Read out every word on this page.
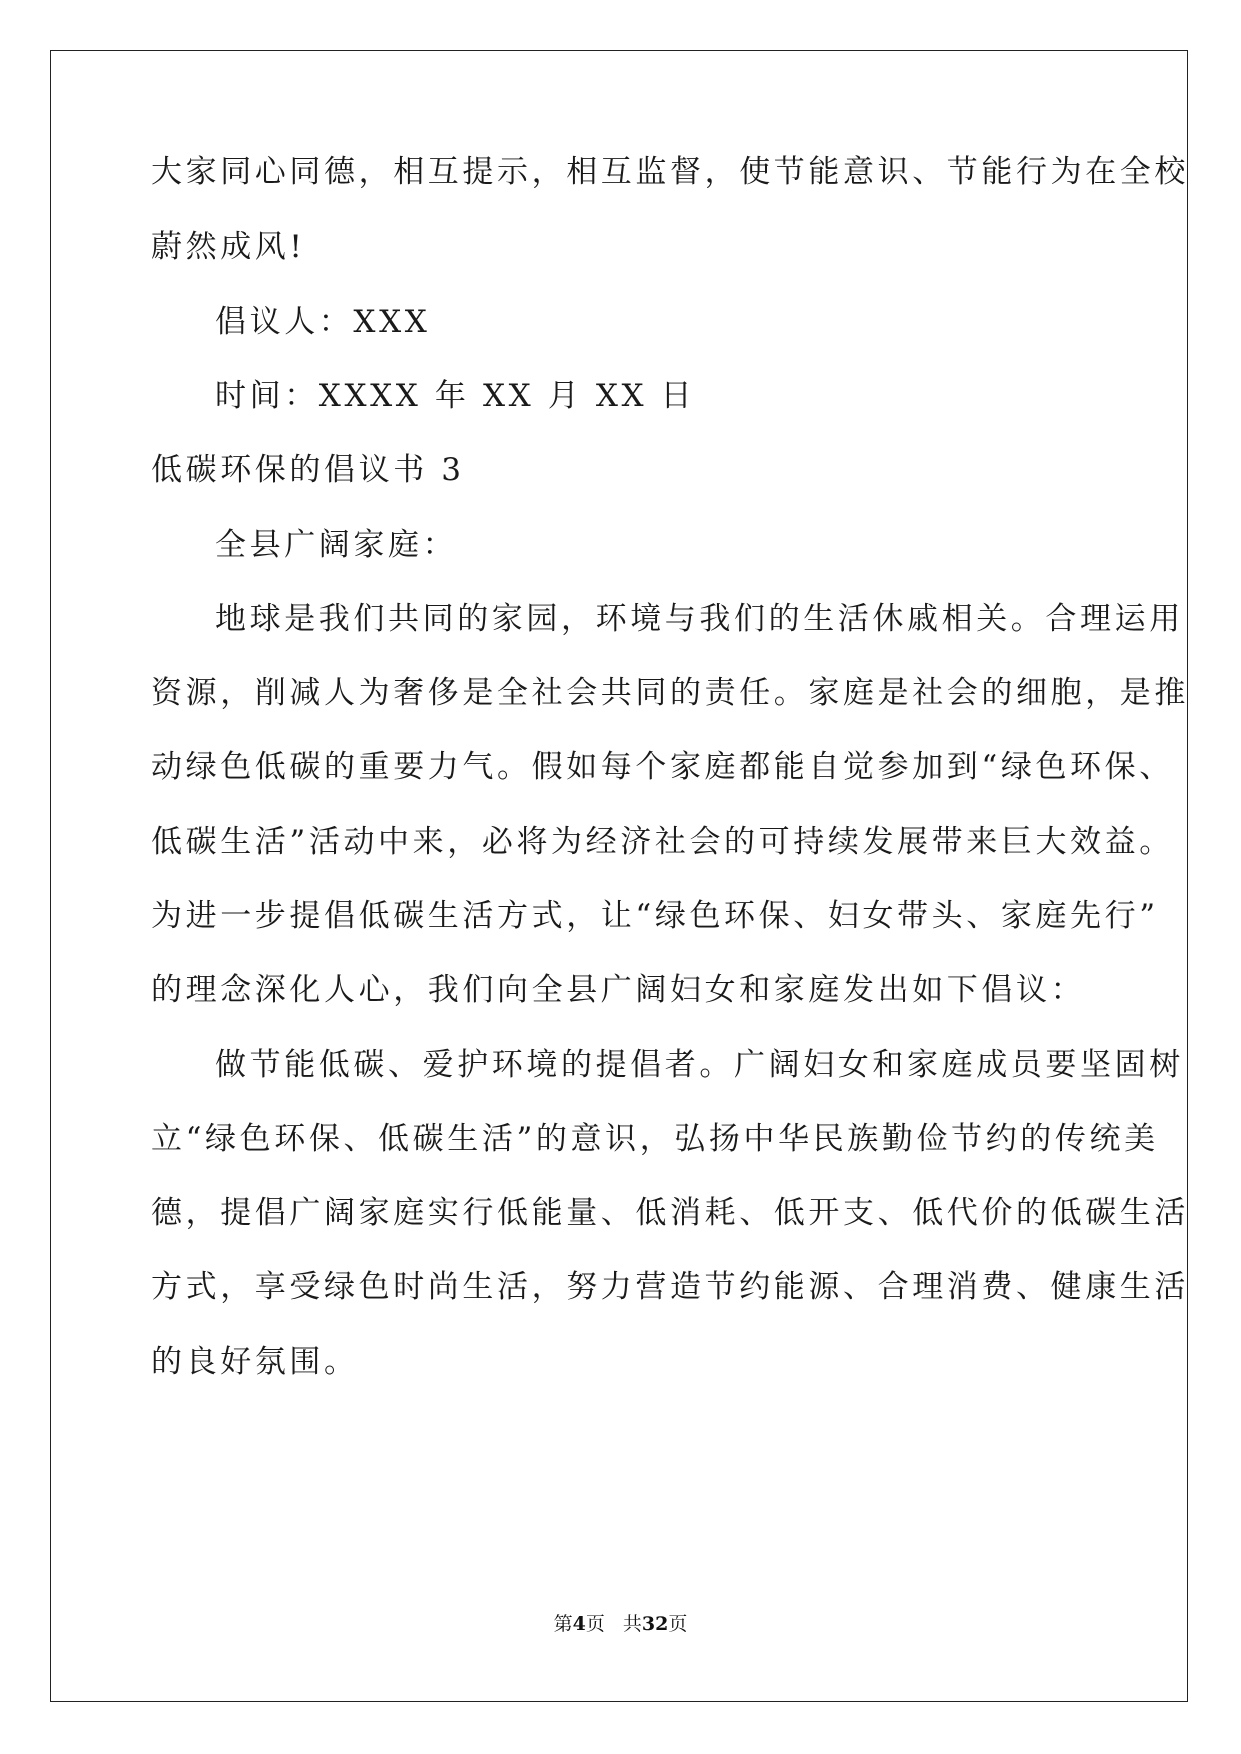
大家同心同德，相互提示，相互监督，使节能意识、节能行为在全校
蔚然成风!
倡议人：XXX
时间：XXXX 年 XX 月 XX 日
低碳环保的倡议书 3
全县广阔家庭：
地球是我们共同的家园，环境与我们的生活休戚相关。合理运用
资源，削减人为奢侈是全社会共同的责任。家庭是社会的细胞，是推
动绿色低碳的重要力气。假如每个家庭都能自觉参加到“绿色环保、
低碳生活”活动中来，必将为经济社会的可持续发展带来巨大效益。
为进一步提倡低碳生活方式，让“绿色环保、妇女带头、家庭先行”
的理念深化人心，我们向全县广阔妇女和家庭发出如下倡议：
做节能低碳、爱护环境的提倡者。广阔妇女和家庭成员要坚固树
立“绿色环保、低碳生活”的意识，弘扬中华民族勤俭节约的传统美
德，提倡广阔家庭实行低能量、低消耗、低开支、低代价的低碳生活
方式，享受绿色时尚生活，努力营造节约能源、合理消费、健康生活
的良好氛围。
第4页 共32页
